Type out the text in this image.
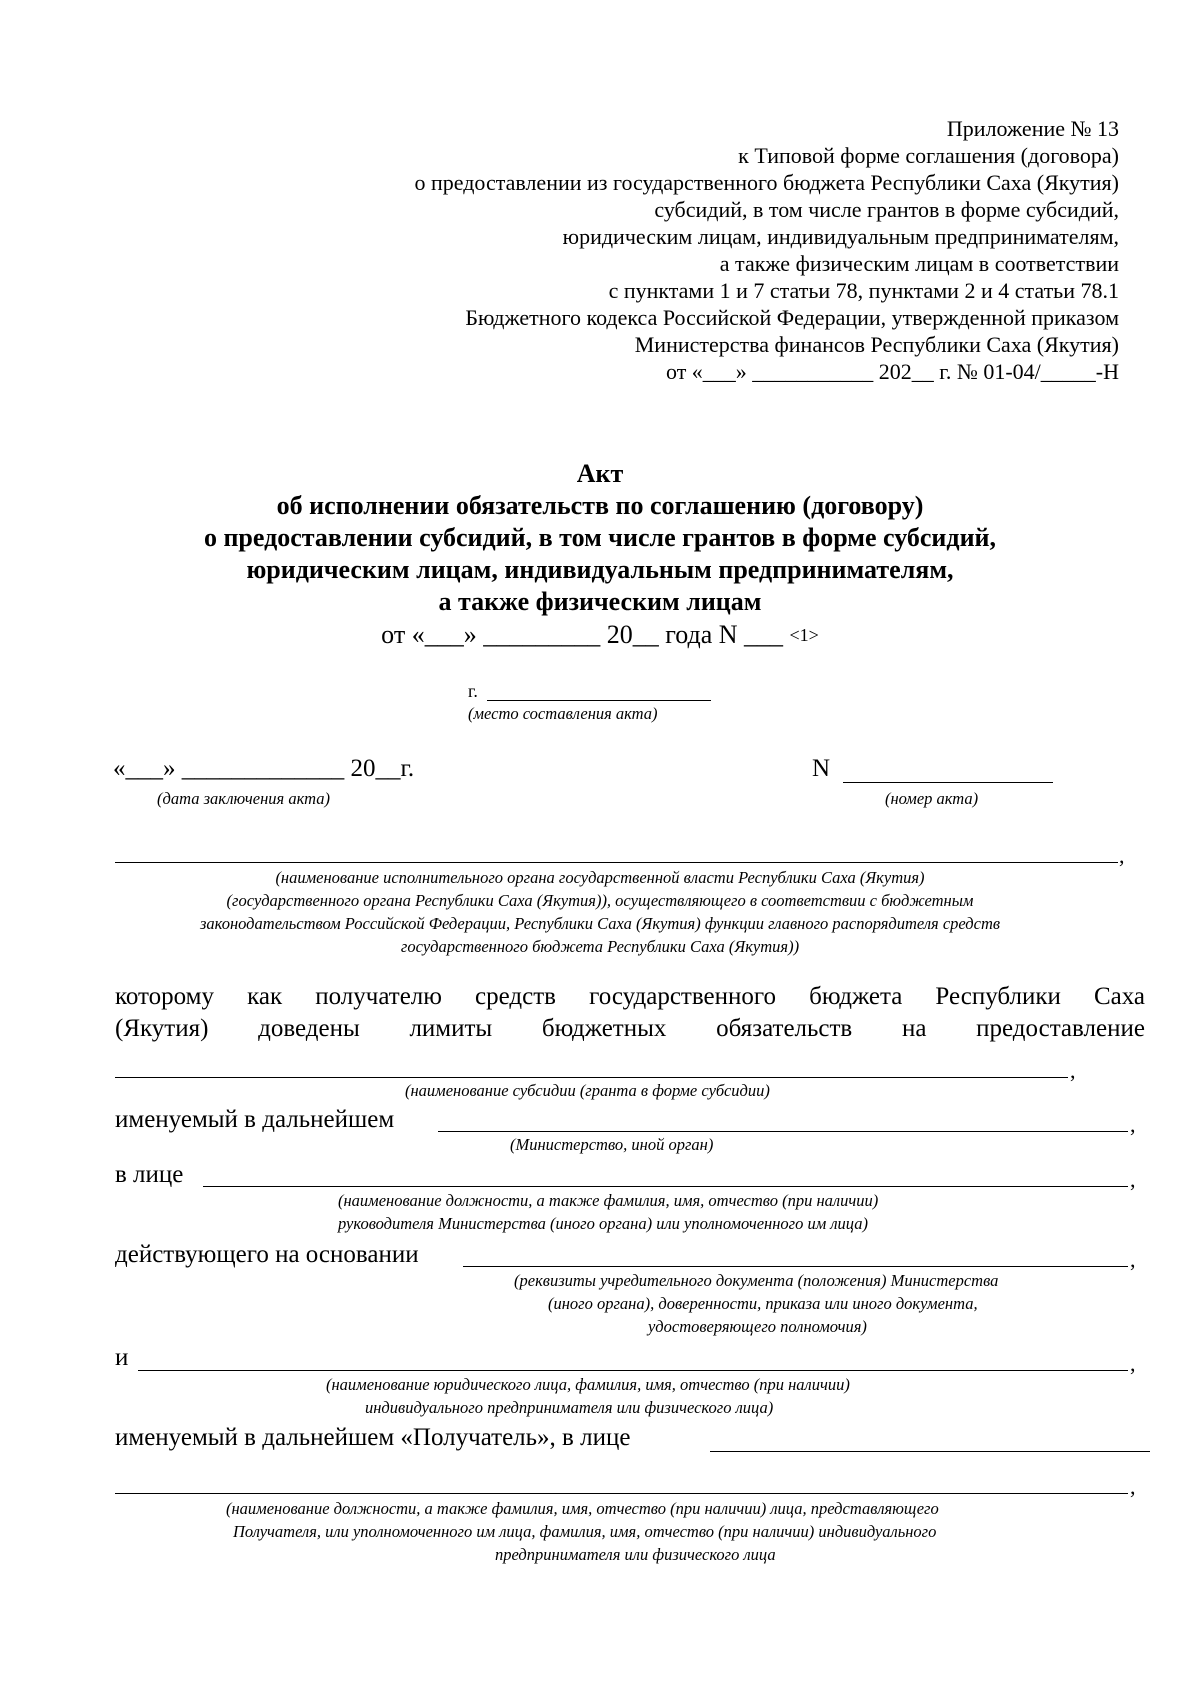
Приложение № 13
к Типовой форме соглашения (договора)
о предоставлении из государственного бюджета Республики Саха (Якутия)
субсидий, в том числе грантов в форме субсидий,
юридическим лицам, индивидуальным предпринимателям,
а также физическим лицам в соответствии
с пунктами 1 и 7 статьи 78, пунктами 2 и 4 статьи 78.1
Бюджетного кодекса Российской Федерации, утвержденной приказом
Министерства финансов Республики Саха (Якутия)
от «___» ___________ 202__ г. № 01-04/_____-Н
Акт
об исполнении обязательств по соглашению (договору)
о предоставлении субсидий, в том числе грантов в форме субсидий,
юридическим лицам, индивидуальным предпринимателям,
а также физическим лицам
от «___» _________ 20__ года N ___ <1>
г.
(место составления акта)
«___» _____________ 20__г.
(дата заключения акта)
N
(номер акта)
,
(наименование исполнительного органа государственной власти Республики Саха (Якутия)
(государственного органа Республики Саха (Якутия)), осуществляющего в соответствии с бюджетным
законодательством Российской Федерации, Республики Саха (Якутия) функции главного распорядителя средств
государственного бюджета Республики Саха (Якутия))
которому как получателю средств государственного бюджета Республики Саха
(Якутия) доведены лимиты бюджетных обязательств на предоставление
,
(наименование субсидии (гранта в форме субсидии)
именуемый в дальнейшем	,
(Министерство, иной орган)
в лице	,
(наименование должности, а также фамилия, имя, отчество (при наличии)
руководителя Министерства (иного органа) или уполномоченного им лица)
действующего на основании	,
(реквизиты учредительного документа (положения) Министерства
(иного органа), доверенности, приказа или иного документа,
удостоверяющего полномочия)
и	,
(наименование юридического лица, фамилия, имя, отчество (при наличии)
индивидуального предпринимателя или физического лица)
именуемый в дальнейшем «Получатель», в лице
,
(наименование должности, а также фамилия, имя, отчество (при наличии) лица, представляющего
Получателя, или уполномоченного им лица, фамилия, имя, отчество (при наличии) индивидуального
предпринимателя или физического лица
